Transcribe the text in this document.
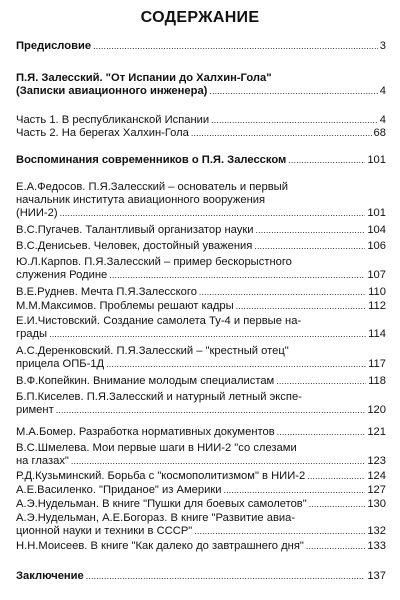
СОДЕРЖАНИЕ
Предисловие . . .	3
П.Я. Залесский. "От Испании до Халхин-Гола"
(Записки авиационного инженера) . . .	4
Часть 1. В республиканской Испании . . .	4
Часть 2. На берегах Халхин-Гола . . .	68
Воспоминания современников о П.Я. Залесском . . .	101
Е.А.Федосов. П.Я.Залесский – основатель и первый
начальник института авиационного вооружения
(НИИ-2) . . .	101
В.С.Пугачев. Талантливый организатор науки . . .	104
В.С.Денисьев. Человек, достойный уважения . . .	106
Ю.Л.Карпов. П.Я.Залесский – пример бескорыстного
служения Родине . . .	107
В.Е.Руднев. Мечта П.Я.Залесского . . .	110
М.М.Максимов. Проблемы решают кадры . . .	112
Е.И.Чистовский. Создание самолета Ту-4 и первые на-
грады . . .	114
А.С.Деренковский. П.Я.Залесский – "крестный отец"
прицела ОПБ-1Д . . .	117
В.Ф.Копейкин. Внимание молодым специалистам . . .	118
Б.П.Киселев. П.Я.Залесский и натурный летный экспе-
римент . . .	120
М.А.Бомер. Разработка нормативных документов . . .	121
В.С.Шмелева. Мои первые шаги в НИИ-2 "со слезами
на глазах" . . .	123
Р.Д.Кузьминский. Борьба с "космополитизмом" в НИИ-2 . . .	124
А.Е.Василенко. "Приданое" из Америки . . .	127
А.Э.Нудельман. В книге "Пушки для боевых самолетов" . . .	130
А.Э.Нудельман, А.Е.Богораз. В книге "Развитие авиа-
ционной науки и техники в СССР" . . .	132
Н.Н.Моисеев. В книге "Как далеко до завтрашнего дня" . . .	133
Заключение . . .	137
